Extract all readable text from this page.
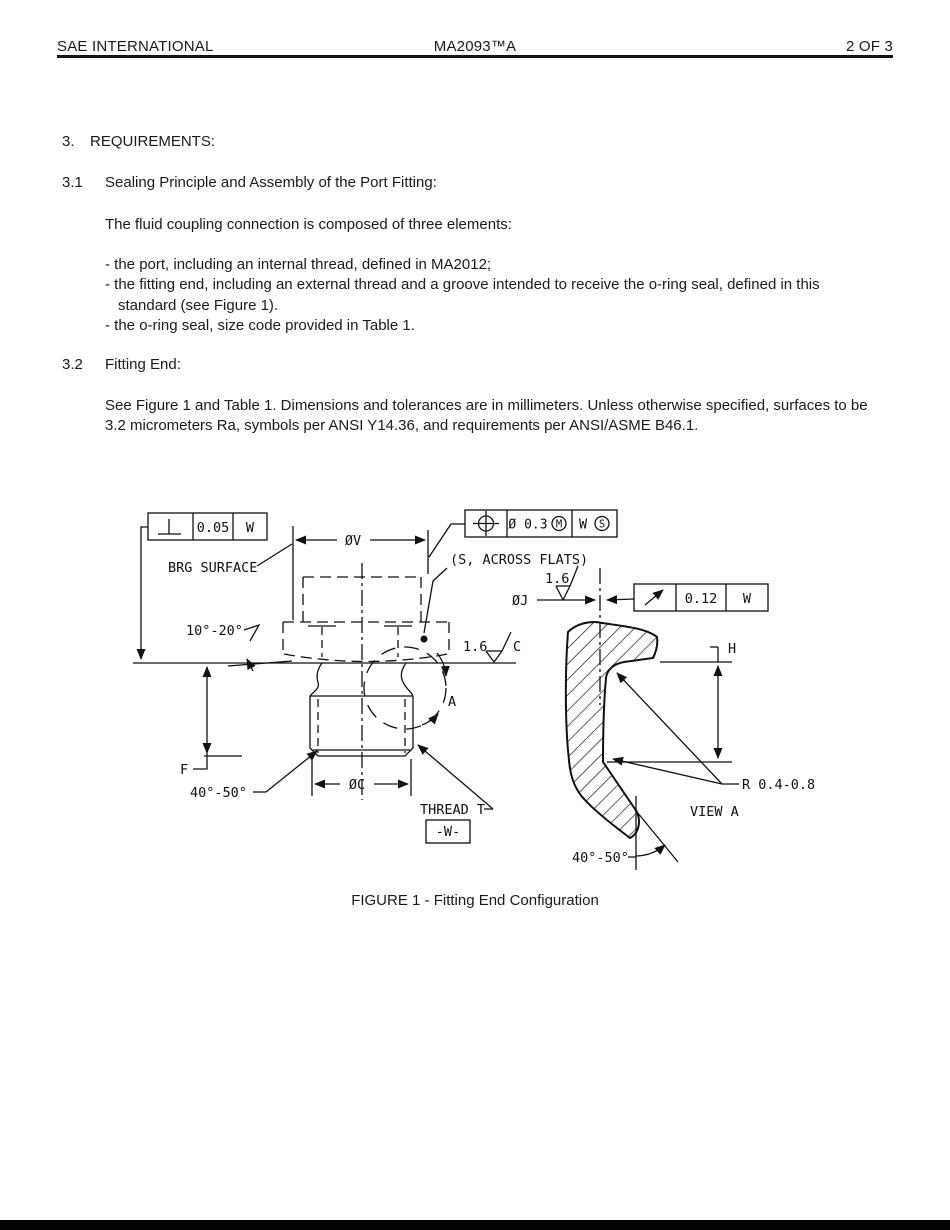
SAE INTERNATIONAL	MA2093™A	2 OF 3
3. REQUIREMENTS:
3.1 Sealing Principle and Assembly of the Port Fitting:
The fluid coupling connection is composed of three elements:
- the port, including an internal thread, defined in MA2012;
- the fitting end, including an external thread and a groove intended to receive the o-ring seal, defined in this standard (see Figure 1).
- the o-ring seal, size code provided in Table 1.
3.2 Fitting End:
See Figure 1 and Table 1. Dimensions and tolerances are in millimeters. Unless otherwise specified, surfaces to be 3.2 micrometers Ra, symbols per ANSI Y14.36, and requirements per ANSI/ASME B46.1.
0.05 W
BRG SURFACE
ØV
Ø 0.3 M W S
(S, ACROSS FLATS)
10°-20°
1.6 C
A
F
40°-50°	ØC
THREAD T
-W-
ØJ
1.6
0.12 W
H
R 0.4-0.8
VIEW A
40°-50°
FIGURE 1 - Fitting End Configuration
